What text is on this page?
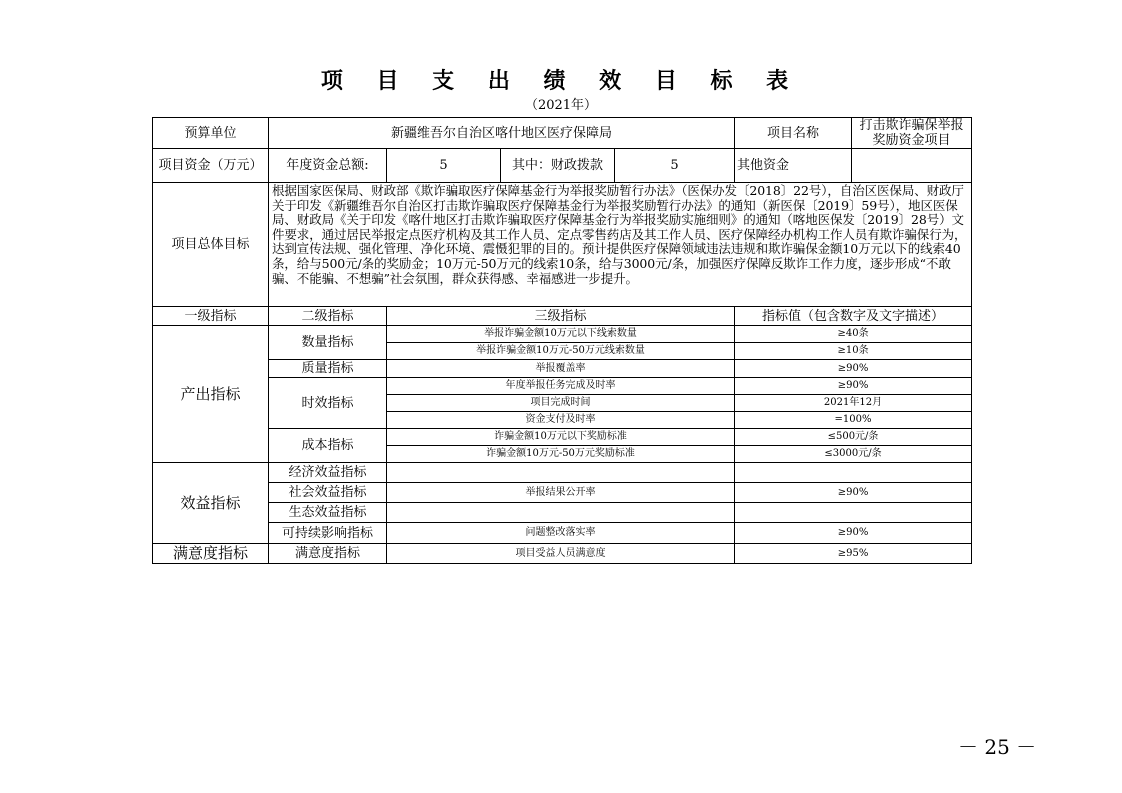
项 目 支 出 绩 效 目 标 表
（2021年）
预算单位	新疆维吾尔自治区喀什地区医疗保障局				项目名称	打击欺诈骗保举报奖励资金项目
项目资金（万元）	年度资金总额:	5	其中：财政拨款	5	其他资金	
项目总体目标	根据国家医保局、财政部《欺诈骗取医疗保障基金行为举报奖励暂行办法》（医保办发〔2018〕22号），自治区医保局、财政厅关于印发《新疆维吾尔自治区打击欺诈骗取医疗保障基金行为举报奖励暂行办法》的通知（新医保〔2019〕59号），地区医保局、财政局《关于印发《喀什地区打击欺诈骗取医疗保障基金行为举报奖励实施细则》的通知（喀地医保发〔2019〕28号）文件要求，通过居民举报定点医疗机构及其工作人员、定点零售药店及其工作人员、医疗保障经办机构工作人员有欺诈骗保行为，达到宣传法规、强化管理、净化环境、震慑犯罪的目的。预计提供医疗保障领域违法违规和欺诈骗保金额10万元以下的线索40条，给与500元/条的奖励金；10万元-50万元的线索10条，给与3000元/条，加强医疗保障反欺诈工作力度，逐步形成“不敢骗、不能骗、不想骗”社会氛围，群众获得感、幸福感进一步提升。					
一级指标	二级指标	三级指标			指标值（包含数字及文字描述）	
产出指标	数量指标	举报诈骗金额10万元以下线索数量			≥40条	
		举报诈骗金额10万元-50万元线索数量			≥10条	
	质量指标	举报覆盖率			≥90%	
	时效指标	年度举报任务完成及时率			≥90%	
		项目完成时间			2021年12月	
		资金支付及时率			=100%	
	成本指标	诈骗金额10万元以下奖励标准			≤500元/条	
		诈骗金额10万元-50万元奖励标准			≤3000元/条	
效益指标	经济效益指标					
	社会效益指标	举报结果公开率			≥90%	
	生态效益指标					
	可持续影响指标	问题整改落实率			≥90%	
满意度指标	满意度指标	项目受益人员满意度			≥95%	
－ 25 －
